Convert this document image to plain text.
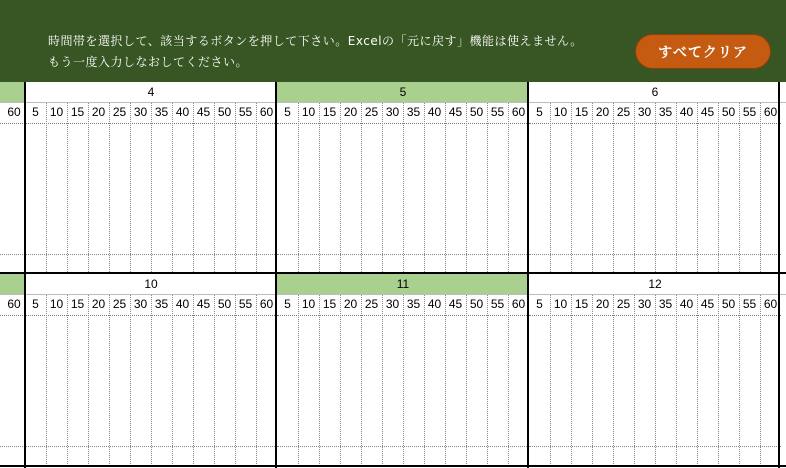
時間帯を選択して、該当するボタンを押して下さい。Excelの「元に戻す」機能は使えません。
もう一度入力しなおしてください。
すべてクリア
60
4
5 10 15 20 25 30 35 40 45 50 55 60
5
5 10 15 20 25 30 35 40 45 50 55 60
6
5 10 15 20 25 30 35 40 45 50 55 60
60
10
5 10 15 20 25 30 35 40 45 50 55 60
11
5 10 15 20 25 30 35 40 45 50 55 60
12
5 10 15 20 25 30 35 40 45 50 55 60
